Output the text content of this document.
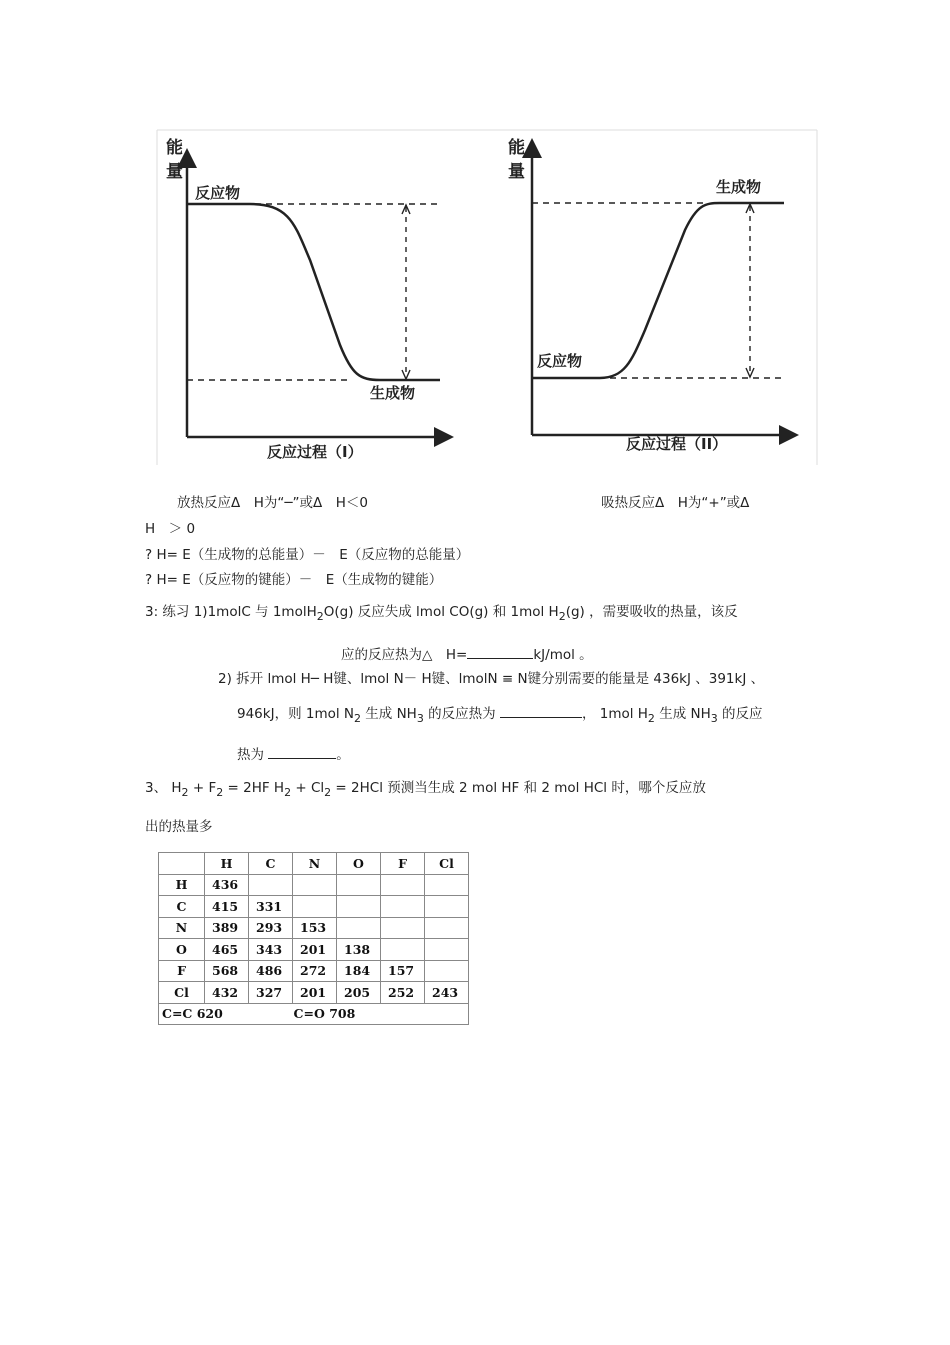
能
量
反应物
生成物
反应过程（I）
能
量
生成物
反应物
反应过程（II）
放热反应Δ　H为“─”或Δ　H＜0	吸热反应Δ　H为“+”或Δ
H　＞ 0
? H= E（生成物的总能量）－　E（反应物的总能量）
? H= E（反应物的键能）－　E（生成物的键能）
3: 练习 1)1molC 与 1molH$_2$O(g) 反应失成 lmol CO(g) 和 1mol $H_2(g)$ ，需要吸收的热量，该反
应的反应热为△　H=	kJ/mol 。
2) 拆开 lmol H─ H键、lmol N－ H键、lmolN ≡ N键分别需要的能量是 436kJ 、391kJ 、
946kJ，则 1mol $N_2$ 生成 $NH_3$ 的反应热为	， 1mol $H_2$ 生成 $NH_3$ 的反应
热为	。
3、 $H_2 + F_2 = 2HF$ $H_2 + Cl_2 = 2HCl$ 预测当生成 2 mol HF 和 2 mol HCl 时，哪个反应放
出的热量多
	H	C	N	O	F	Cl
H	436					
C	415	331				
N	389	293	153			
O	465	343	201	138		
F	568	486	272	184	157	
Cl	432	327	201	205	252	243
C=C 620 C=O 708						
